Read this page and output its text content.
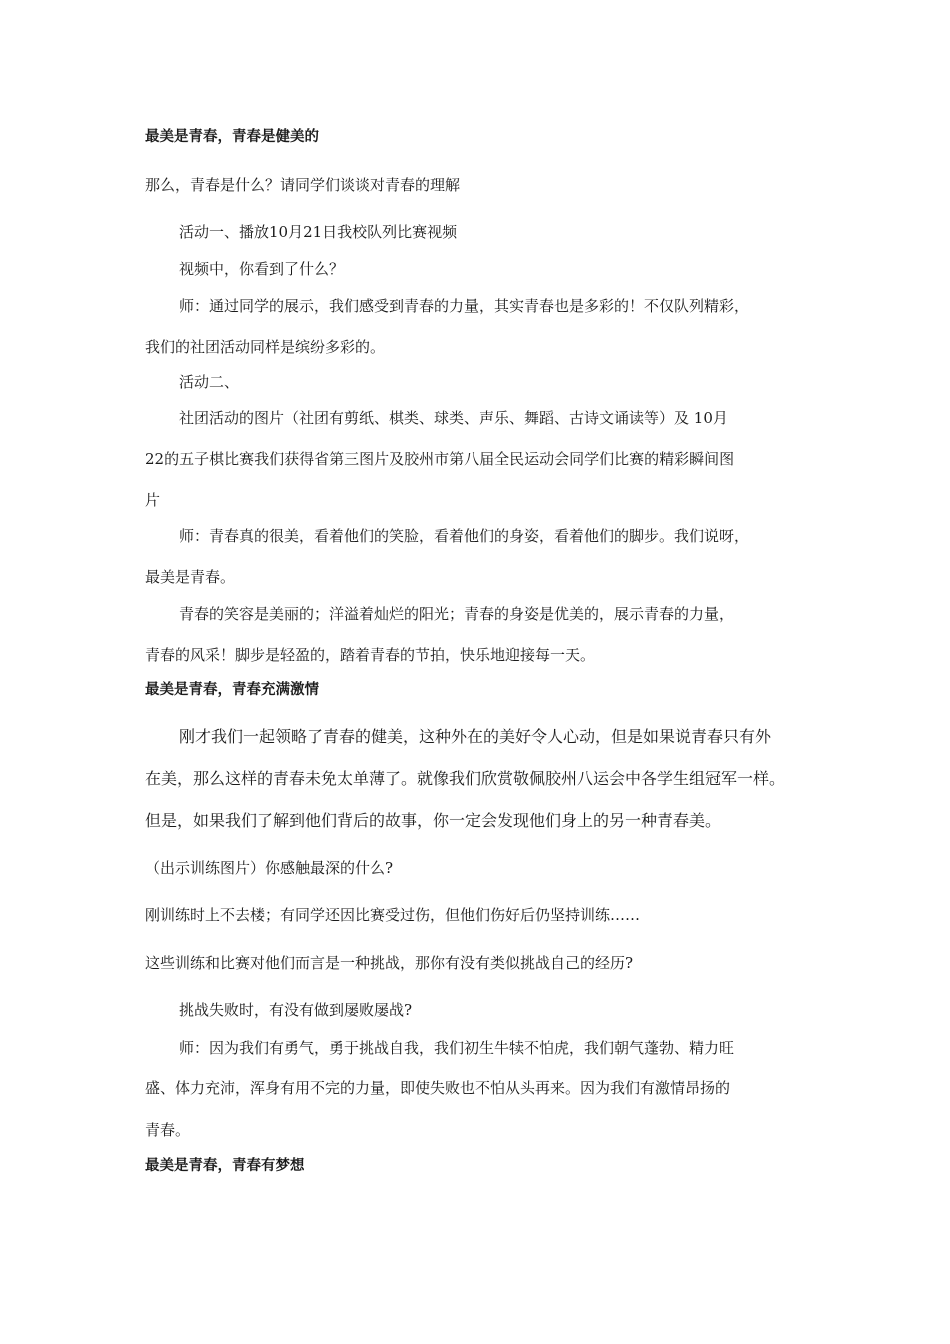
最美是青春，青春是健美的
那么，青春是什么？请同学们谈谈对青春的理解
活动一、播放10月21日我校队列比赛视频
视频中，你看到了什么？
师：通过同学的展示，我们感受到青春的力量，其实青春也是多彩的！不仅队列精彩，
我们的社团活动同样是缤纷多彩的。
活动二、
社团活动的图片（社团有剪纸、棋类、球类、声乐、舞蹈、古诗文诵读等）及 10月
22的五子棋比赛我们获得省第三图片及胶州市第八届全民运动会同学们比赛的精彩瞬间图
片
师：青春真的很美，看着他们的笑脸，看着他们的身姿，看着他们的脚步。我们说呀，
最美是青春。
青春的笑容是美丽的；洋溢着灿烂的阳光；青春的身姿是优美的，展示青春的力量，
青春的风采！脚步是轻盈的，踏着青春的节拍，快乐地迎接每一天。
最美是青春，青春充满激情
刚才我们一起领略了青春的健美，这种外在的美好令人心动，但是如果说青春只有外
在美，那么这样的青春未免太单薄了。就像我们欣赏敬佩胶州八运会中各学生组冠军一样。
但是，如果我们了解到他们背后的故事，你一定会发现他们身上的另一种青春美。
（出示训练图片）你感触最深的什么?
刚训练时上不去楼；有同学还因比赛受过伤，但他们伤好后仍坚持训练……
这些训练和比赛对他们而言是一种挑战，那你有没有类似挑战自己的经历?
挑战失败时，有没有做到屡败屡战?
师：因为我们有勇气，勇于挑战自我，我们初生牛犊不怕虎，我们朝气蓬勃、精力旺
盛、体力充沛，浑身有用不完的力量，即使失败也不怕从头再来。因为我们有激情昂扬的
青春。
最美是青春，青春有梦想
